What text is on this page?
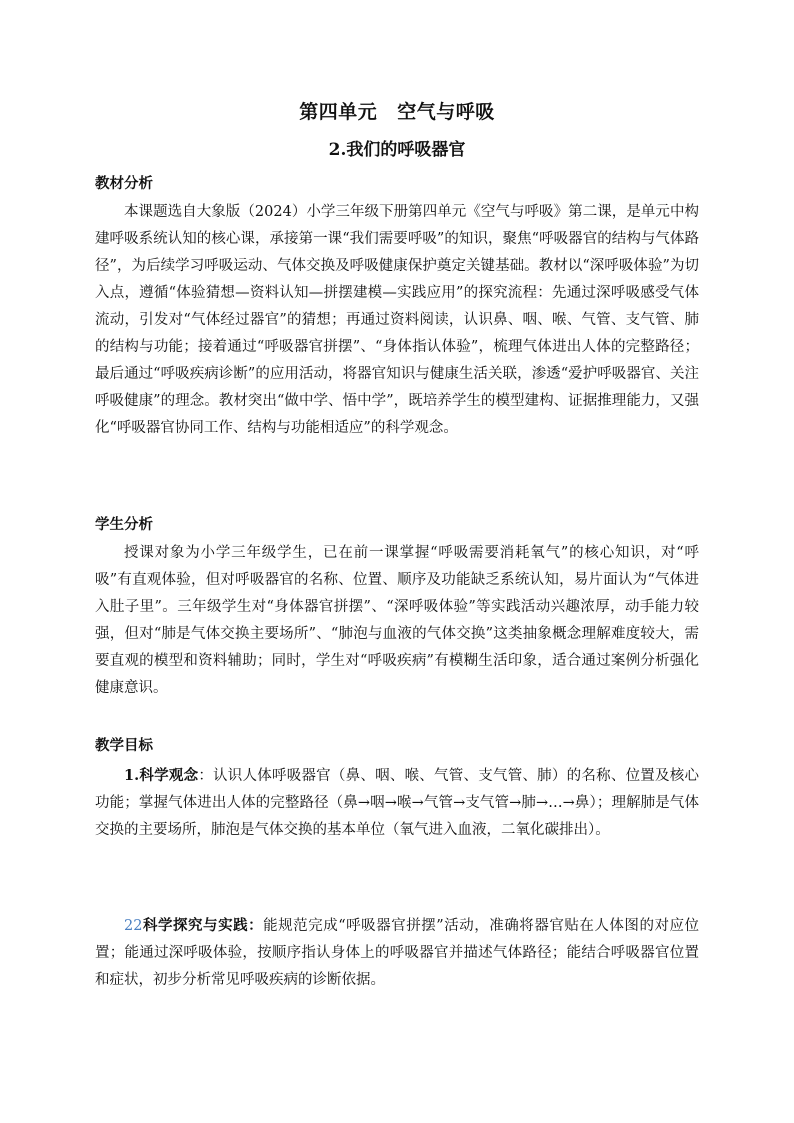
第四单元 空气与呼吸
2.我们的呼吸器官
教材分析

本课题选自大象版（2024）小学三年级下册第四单元《空气与呼吸》第二课，是单元中构建呼吸系统认知的核心课，承接第一课“我们需要呼吸”的知识，聚焦“呼吸器官的结构与气体路径”，为后续学习呼吸运动、气体交换及呼吸健康保护奠定关键基础。教材以“深呼吸体验”为切入点，遵循“体验猜想—资料认知—拼摆建模—实践应用”的探究流程：先通过深呼吸感受气体流动，引发对“气体经过器官”的猜想；再通过资料阅读，认识鼻、咽、喉、气管、支气管、肺的结构与功能；接着通过“呼吸器官拼摆”、“身体指认体验”，梳理气体进出人体的完整路径；最后通过“呼吸疾病诊断”的应用活动，将器官知识与健康生活关联，渗透“爱护呼吸器官、关注呼吸健康”的理念。教材突出“做中学、悟中学”，既培养学生的模型建构、证据推理能力，又强化“呼吸器官协同工作、结构与功能相适应”的科学观念。

学生分析

授课对象为小学三年级学生，已在前一课掌握“呼吸需要消耗氧气”的核心知识，对“呼吸”有直观体验，但对呼吸器官的名称、位置、顺序及功能缺乏系统认知，易片面认为“气体进入肚子里”。三年级学生对“身体器官拼摆”、“深呼吸体验”等实践活动兴趣浓厚，动手能力较强，但对“肺是气体交换主要场所”、“肺泡与血液的气体交换”这类抽象概念理解难度较大，需要直观的模型和资料辅助；同时，学生对“呼吸疾病”有模糊生活印象，适合通过案例分析强化健康意识。

教学目标

1.科学观念：认识人体呼吸器官（鼻、咽、喉、气管、支气管、肺）的名称、位置及核心功能；掌握气体进出人体的完整路径（鼻→咽→喉→气管→支气管→肺→…→鼻）；理解肺是气体交换的主要场所，肺泡是气体交换的基本单位（氧气进入血液，二氧化碳排出）。

22科学探究与实践：能规范完成“呼吸器官拼摆”活动，准确将器官贴在人体图的对应位置；能通过深呼吸体验，按顺序指认身体上的呼吸器官并描述气体路径；能结合呼吸器官位置和症状，初步分析常见呼吸疾病的诊断依据。
